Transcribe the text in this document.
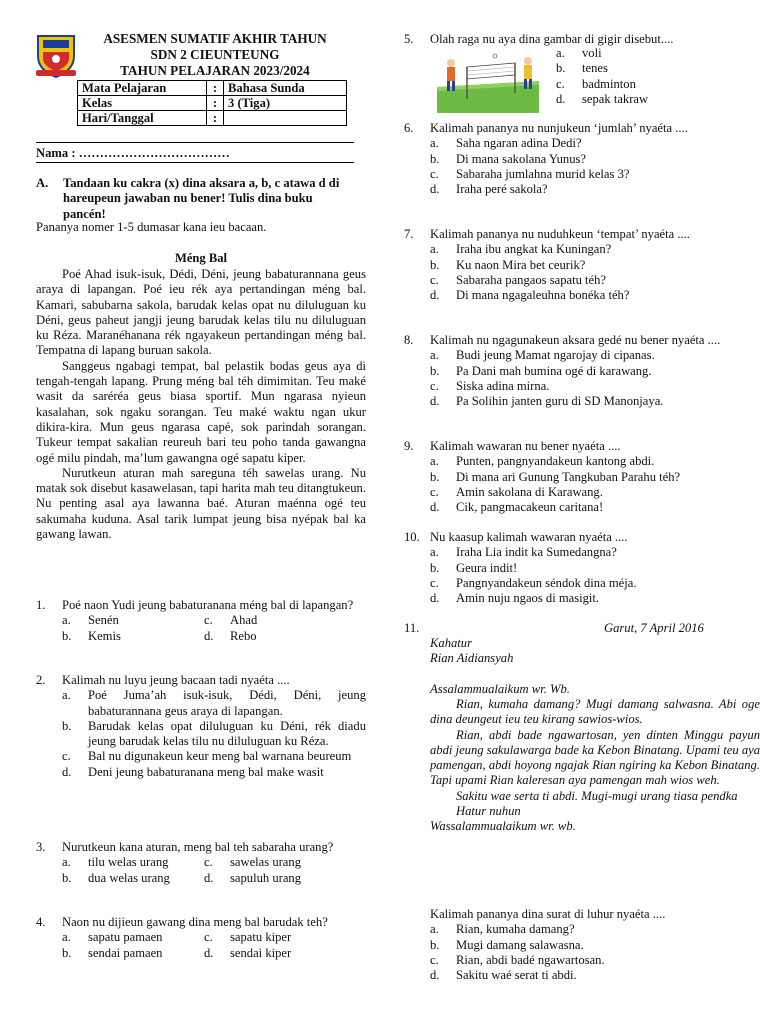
ASESMEN SUMATIF AKHIR TAHUN
SDN 2 CIEUNTEUNG
TAHUN PELAJARAN 2023/2024
Mata Pelajaran	:	Bahasa Sunda
Kelas	:	3 (Tiga)
Hari/Tanggal	:	
Nama : ………………………………
A. Tandaan ku cakra (x) dina aksara a, b, c atawa d di hareupeun jawaban nu bener! Tulis dina buku pancén!
Pananya nomer 1-5 dumasar kana ieu bacaan.
Méng Bal

Poé Ahad isuk-isuk, Dédi, Déni, jeung babaturannana geus araya di lapangan. Poé ieu rék aya pertandingan méng bal. Kamari, sabubarna sakola, barudak kelas opat nu diluluguan ku Déni, geus paheut jangji jeung barudak kelas tilu nu diluluguan ku Réza. Maranéhanana rék ngayakeun pertandingan méng bal. Tempatna di lapang buruan sakola.

Sanggeus ngabagi tempat, bal pelastik bodas geus aya di tengah-tengah lapang. Prung méng bal téh dimimitan. Teu maké wasit da saréréa geus biasa sportif. Mun ngarasa nyieun kasalahan, sok ngaku sorangan. Teu maké waktu ngan ukur dikira-kira. Mun geus ngarasa capé, sok parindah sorangan. Tukeur tempat sakalian reureuh bari teu poho tanda gawangna ogé milu pindah, ma’lum gawangna ogé sapatu kiper.

Nurutkeun aturan mah sareguna téh sawelas urang. Nu matak sok disebut kasawelasan, tapi harita mah teu ditangtukeun. Nu penting asal aya lawanna baé. Aturan maénna ogé teu sakumaha kuduna. Asal tarik lumpat jeung bisa nyépak bal ka gawang lawan.

1. Poé naon Yudi jeung babaturanana méng bal di lapangan?
a. Senén	c. Ahad
b. Kemis	d. Rebo
2. Kalimah nu luyu jeung bacaan tadi nyaéta ....
a. Poé Juma’ah isuk-isuk, Dédi, Déni, jeung babaturannana geus araya di lapangan.
b. Barudak kelas opat diluluguan ku Déni, rék diadu jeung barudak kelas tilu nu diluluguan ku Réza.
c. Bal nu digunakeun keur meng bal warnana beureum
d. Deni jeung babaturanana meng bal make wasit
3. Nurutkeun kana aturan, meng bal teh sabaraha urang?
a. tilu welas urang	c. sawelas urang
b. dua welas urang	d. sapuluh urang
4. Naon nu dijieun gawang dina meng bal barudak teh?
a. sapatu pamaen	c. sapatu kiper
b. sendai pamaen	d. sendai kiper
5. Olah raga nu aya dina gambar di gigir disebut....
a. voli
b. tenes
c. badminton
d. sepak takraw
6. Kalimah pananya nu nunjukeun ‘jumlah’ nyaéta ....
a. Saha ngaran adina Dedi?
b. Di mana sakolana Yunus?
c. Sabaraha jumlahna murid kelas 3?
d. Iraha peré sakola?
7. Kalimah pananya nu nuduhkeun ‘tempat’ nyaéta ....
a. Iraha ibu angkat ka Kuningan?
b. Ku naon Mira bet ceurik?
c. Sabaraha pangaos sapatu téh?
d. Di mana ngagaleuhna bonéka téh?
8. Kalimah nu ngagunakeun aksara gedé nu bener nyaéta ....
a. Budi jeung Mamat ngarojay di cipanas.
b. Pa Dani mah bumina ogé di karawang.
c. Siska adina mirna.
d. Pa Solihin janten guru di SD Manonjaya.
9. Kalimah wawaran nu bener nyaéta ....
a. Punten, pangnyandakeun kantong abdi.
b. Di mana ari Gunung Tangkuban Parahu téh?
c. Amin sakolana di Karawang.
d. Cik, pangmacakeun caritana!
10. Nu kaasup kalimah wawaran nyaéta ....
a. Iraha Lia indit ka Sumedangna?
b. Geura indit!
c. Pangnyandakeun séndok dina méja.
d. Amin nuju ngaos di masigit.
11.	Garut, 7 April 2016
Kahatur
Rian Aidiansyah
Assalammualaikum wr. Wb.

Rian, kumaha damang? Mugi damang salwasna. Abi oge dina deungeut ieu teu kirang sawios-wios.

Rian, abdi bade ngawartosan, yen dinten Minggu payun abdi jeung sakulawarga bade ka Kebon Binatang. Upami teu aya pamengan, abdi hoyong ngajak Rian ngiring ka Kebon Binatang. Tapi upami Rian kaleresan aya pamengan mah wios weh.

Sakitu wae serta ti abdi. Mugi-mugi urang tiasa pendka

Hatur nuhun

Wassalammualaikum wr. wb.

Kalimah pananya dina surat di luhur nyaéta ....
a. Rian, kumaha damang?
b. Mugi damang salawasna.
c. Rian, abdi badé ngawartosan.
d. Sakitu waé serat ti abdi.
